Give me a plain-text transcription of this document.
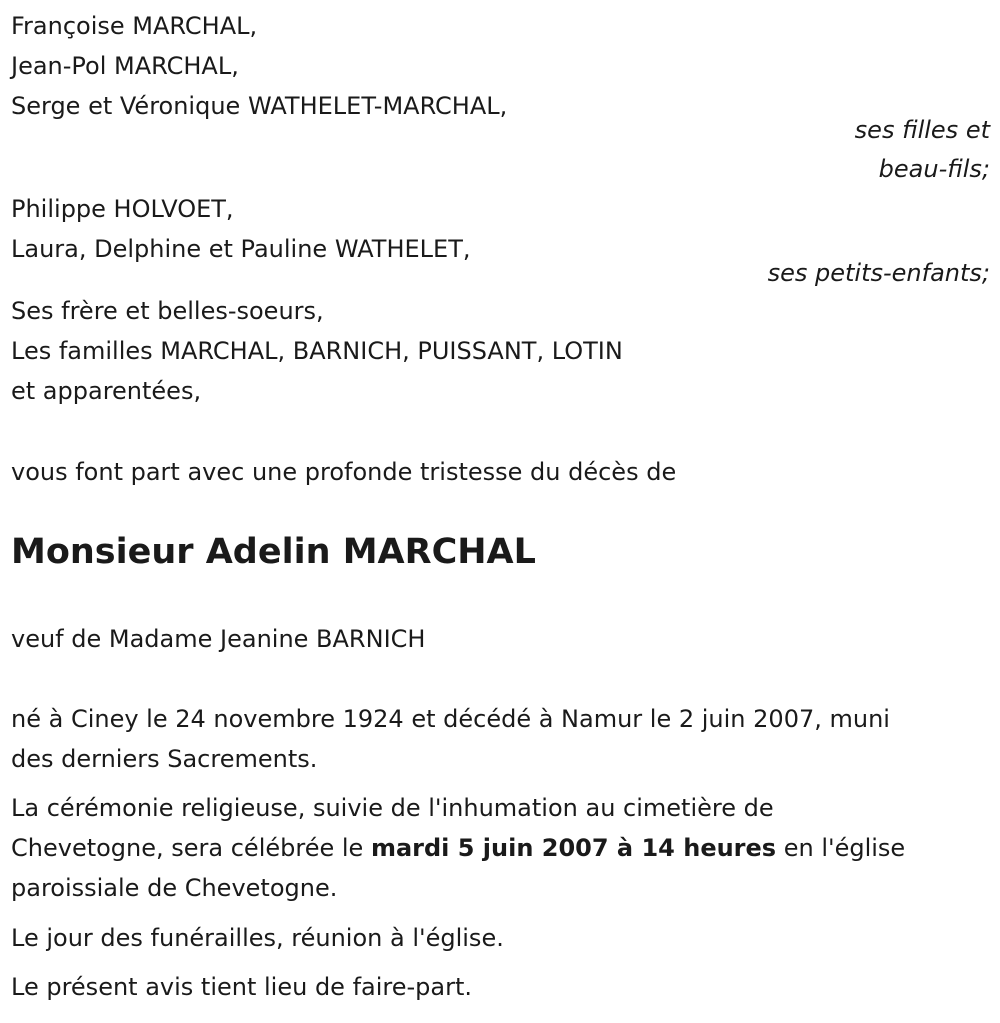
Françoise MARCHAL,
Jean-Pol MARCHAL,
Serge et Véronique WATHELET-MARCHAL,
ses filles et
beau-fils;
Philippe HOLVOET,
Laura, Delphine et Pauline WATHELET,
ses petits-enfants;
Ses frère et belles-soeurs,
Les familles MARCHAL, BARNICH, PUISSANT, LOTIN
et apparentées,
vous font part avec une profonde tristesse du décès de
Monsieur Adelin MARCHAL
veuf de Madame Jeanine BARNICH
né à Ciney le 24 novembre 1924 et décédé à Namur le 2 juin 2007, muni
des derniers Sacrements.
La cérémonie religieuse, suivie de l'inhumation au cimetière de
Chevetogne, sera célébrée le mardi 5 juin 2007 à 14 heures en l'église
paroissiale de Chevetogne.
Le jour des funérailles, réunion à l'église.
Le présent avis tient lieu de faire-part.
